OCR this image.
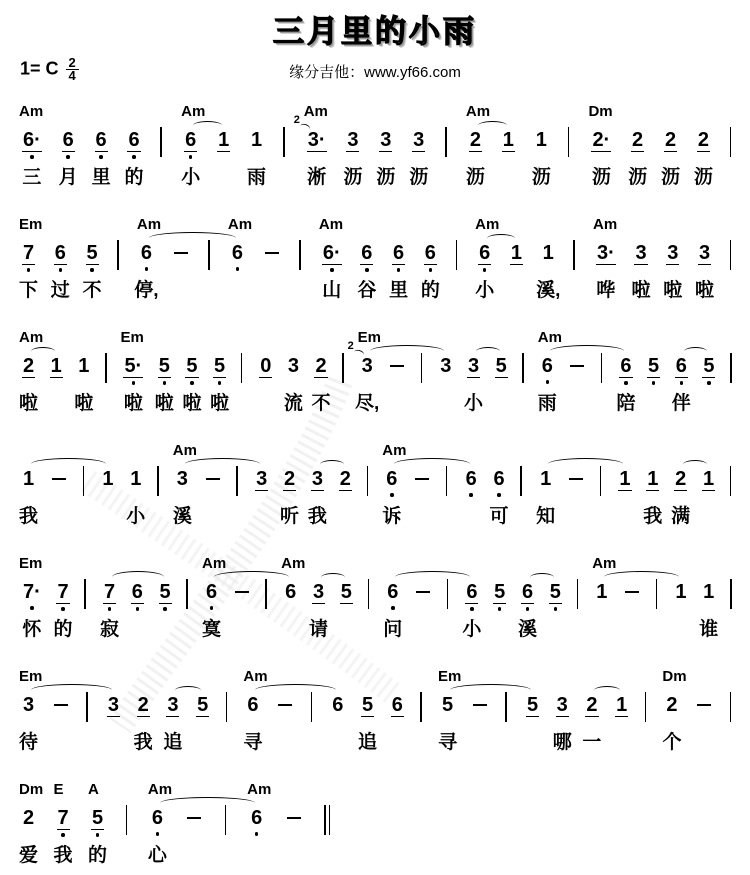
三月里的小雨
1= C $\frac{2}{4}$	缘分吉他：www.yf66.com
Am
6·
三
6
月
6
里
6
的
Am
6
小
1 1
雨
Am
2
3·
淅
3
沥
3
沥
3
沥
Am
2
沥
1 1
沥
Dm
2·
沥
2
沥
2
沥
2
沥
Em
7
下
6
过
5
不
Am
6
停,
Am
6
Am
6·
山
6
谷
6
里
6
的
Am
6
小
1 1
溪,
Am
3·
哗
3
啦
3
啦
3
啦
Am
2
啦
1 1
啦
Em
5·
啦
5
啦
5
啦
5
啦
0 3
流
2
不
Em
2
3
尽,
3 3
小
5
Am
6
雨
6
陪
5 6
伴
5
1
我
1 1
小
Am
3
溪
3 2
听
3
我
2
Am
6
诉
6 6
可
1
知
1 1
我
2
满
1
Em
7·
怀
7
的
7
寂
6 5
Am
6
寞
Am
6 3
请
5 6
问
6
小
5 6
溪
5
Am
1	1 1
谁
Em
3
待
3 2
我
3
追
5
Am
6
寻
6 5
追
6
Em
5
寻
5 3
哪
2
一
1
Dm
2
个
Dm
2
爱
E
7
我
A
5
的
Am
6
心
Am
6
